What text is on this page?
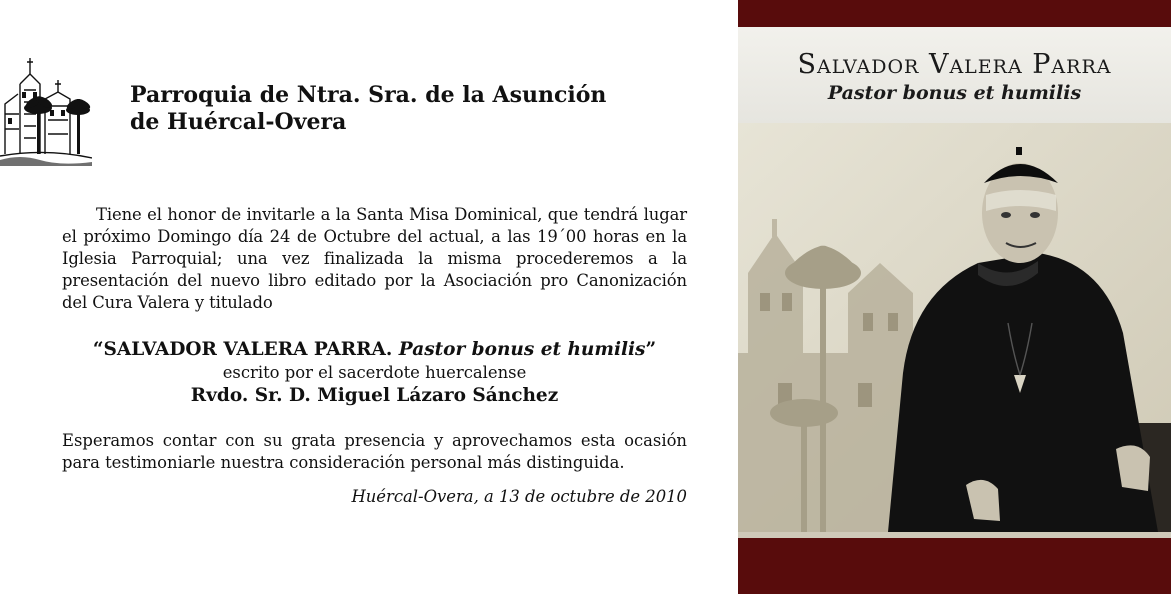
Parroquia de Ntra. Sra. de la Asunción
de Huércal-Overa

Tiene el honor de invitarle a la Santa Misa Dominical, que tendrá lugar el próximo Domingo día 24 de Octubre del actual, a las 19´00 horas en la Iglesia Parroquial; una vez finalizada la misma procederemos a la presentación del nuevo libro editado por la Asociación pro Canonización del Cura Valera y titulado

“SALVADOR VALERA PARRA. Pastor bonus et humilis”
escrito por el sacerdote huercalense
Rvdo. Sr. D. Miguel Lázaro Sánchez

Esperamos contar con su grata presencia y aprovechamos esta ocasión para testimoniarle nuestra consideración personal más distinguida.

Huércal-Overa, a 13 de octubre de 2010
Salvador Valera Parra
Pastor bonus et humilis
